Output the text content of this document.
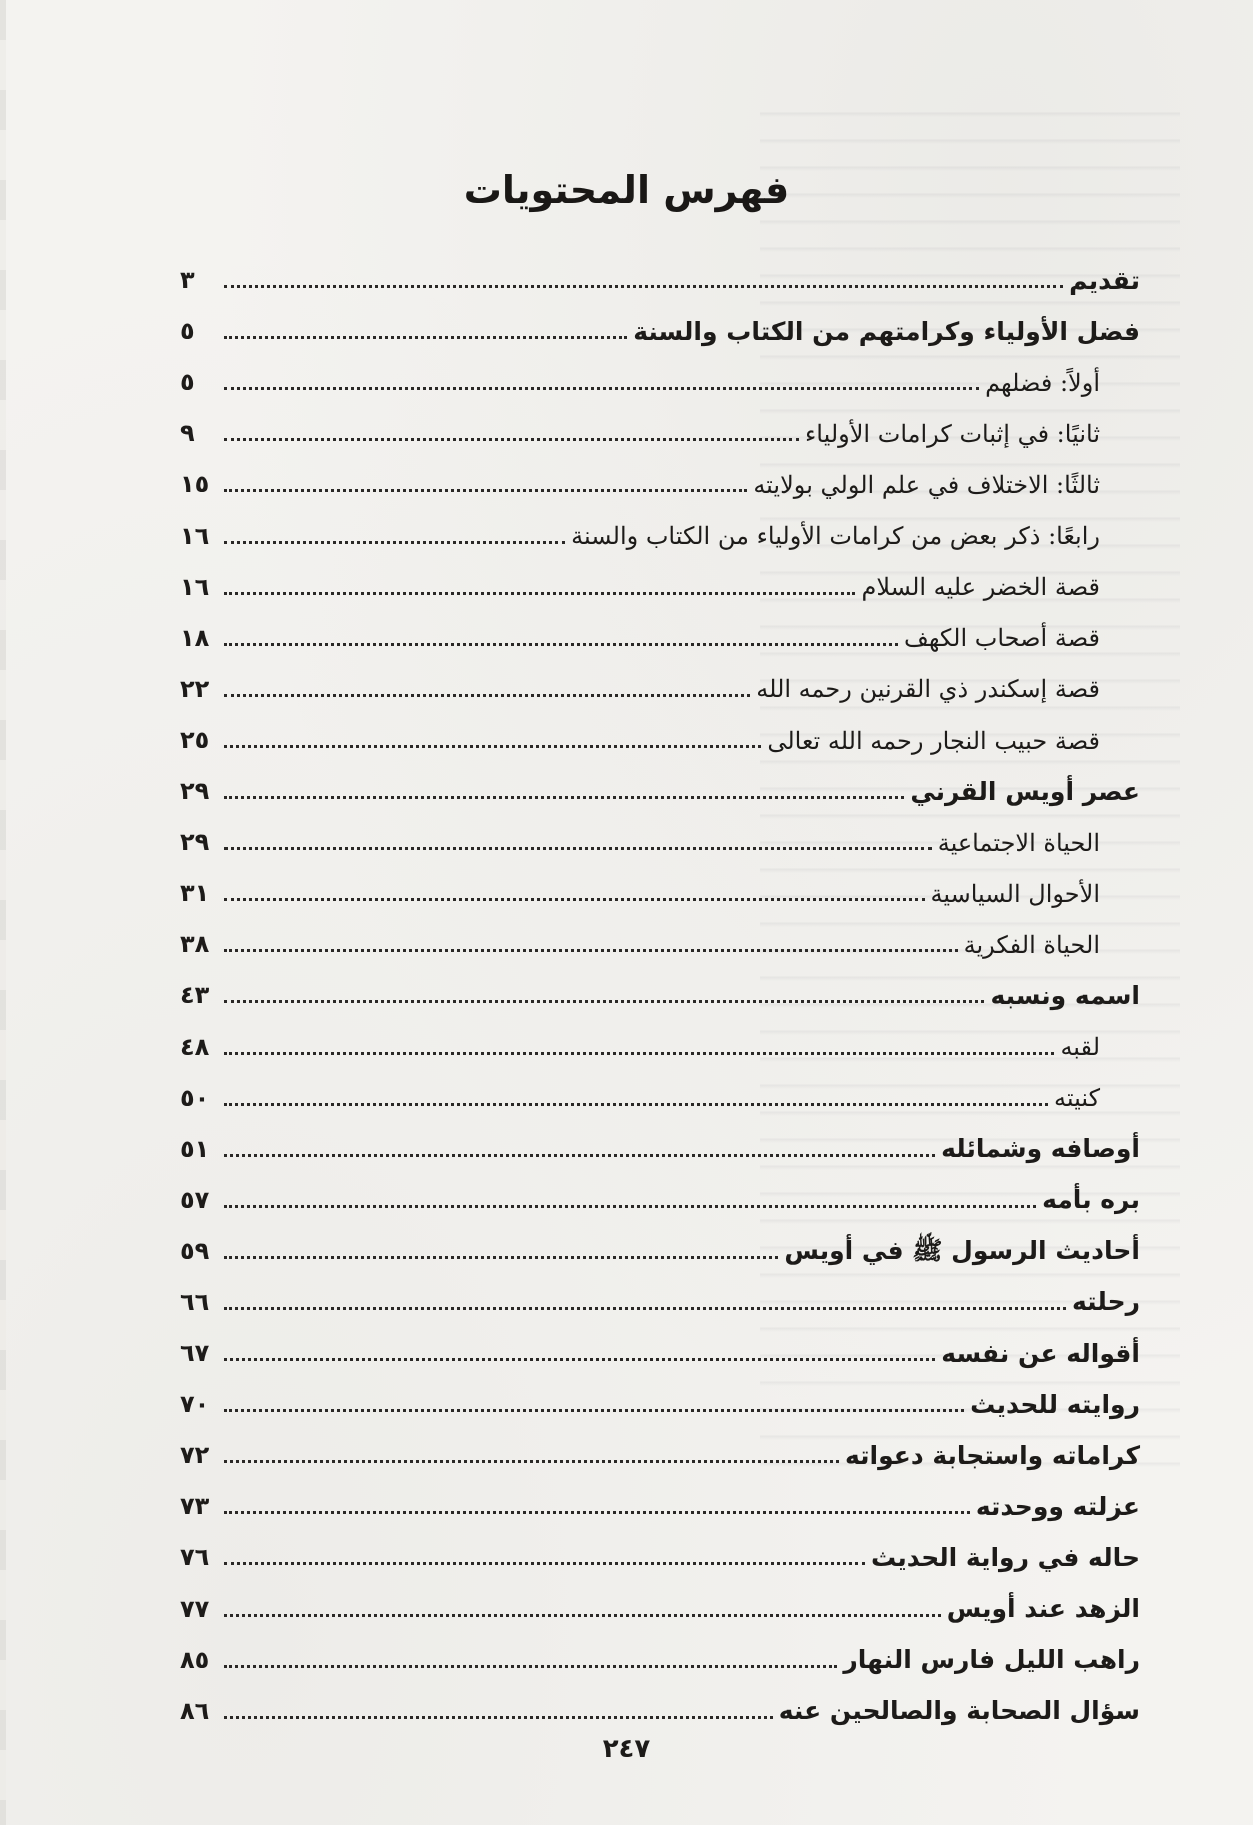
فهرس المحتويات
تقديم
٣
فضل الأولياء وكرامتهم من الكتاب والسنة
٥
أولاً: فضلهم
٥
ثانيًا: في إثبات كرامات الأولياء
٩
ثالثًا: الاختلاف في علم الولي بولايته
١٥
رابعًا: ذكر بعض من كرامات الأولياء من الكتاب والسنة
١٦
قصة الخضر عليه السلام
١٦
قصة أصحاب الكهف
١٨
قصة إسكندر ذي القرنين رحمه الله
٢٢
قصة حبيب النجار رحمه الله تعالى
٢٥
عصر أويس القرني
٢٩
الحياة الاجتماعية
٢٩
الأحوال السياسية
٣١
الحياة الفكرية
٣٨
اسمه ونسبه
٤٣
لقبه
٤٨
كنيته
٥٠
أوصافه وشمائله
٥١
بره بأمه
٥٧
أحاديث الرسول ﷺ في أويس
٥٩
رحلته
٦٦
أقواله عن نفسه
٦٧
روايته للحديث
٧٠
كراماته واستجابة دعواته
٧٢
عزلته ووحدته
٧٣
حاله في رواية الحديث
٧٦
الزهد عند أويس
٧٧
راهب الليل فارس النهار
٨٥
سؤال الصحابة والصالحين عنه
٨٦
٢٤٧
